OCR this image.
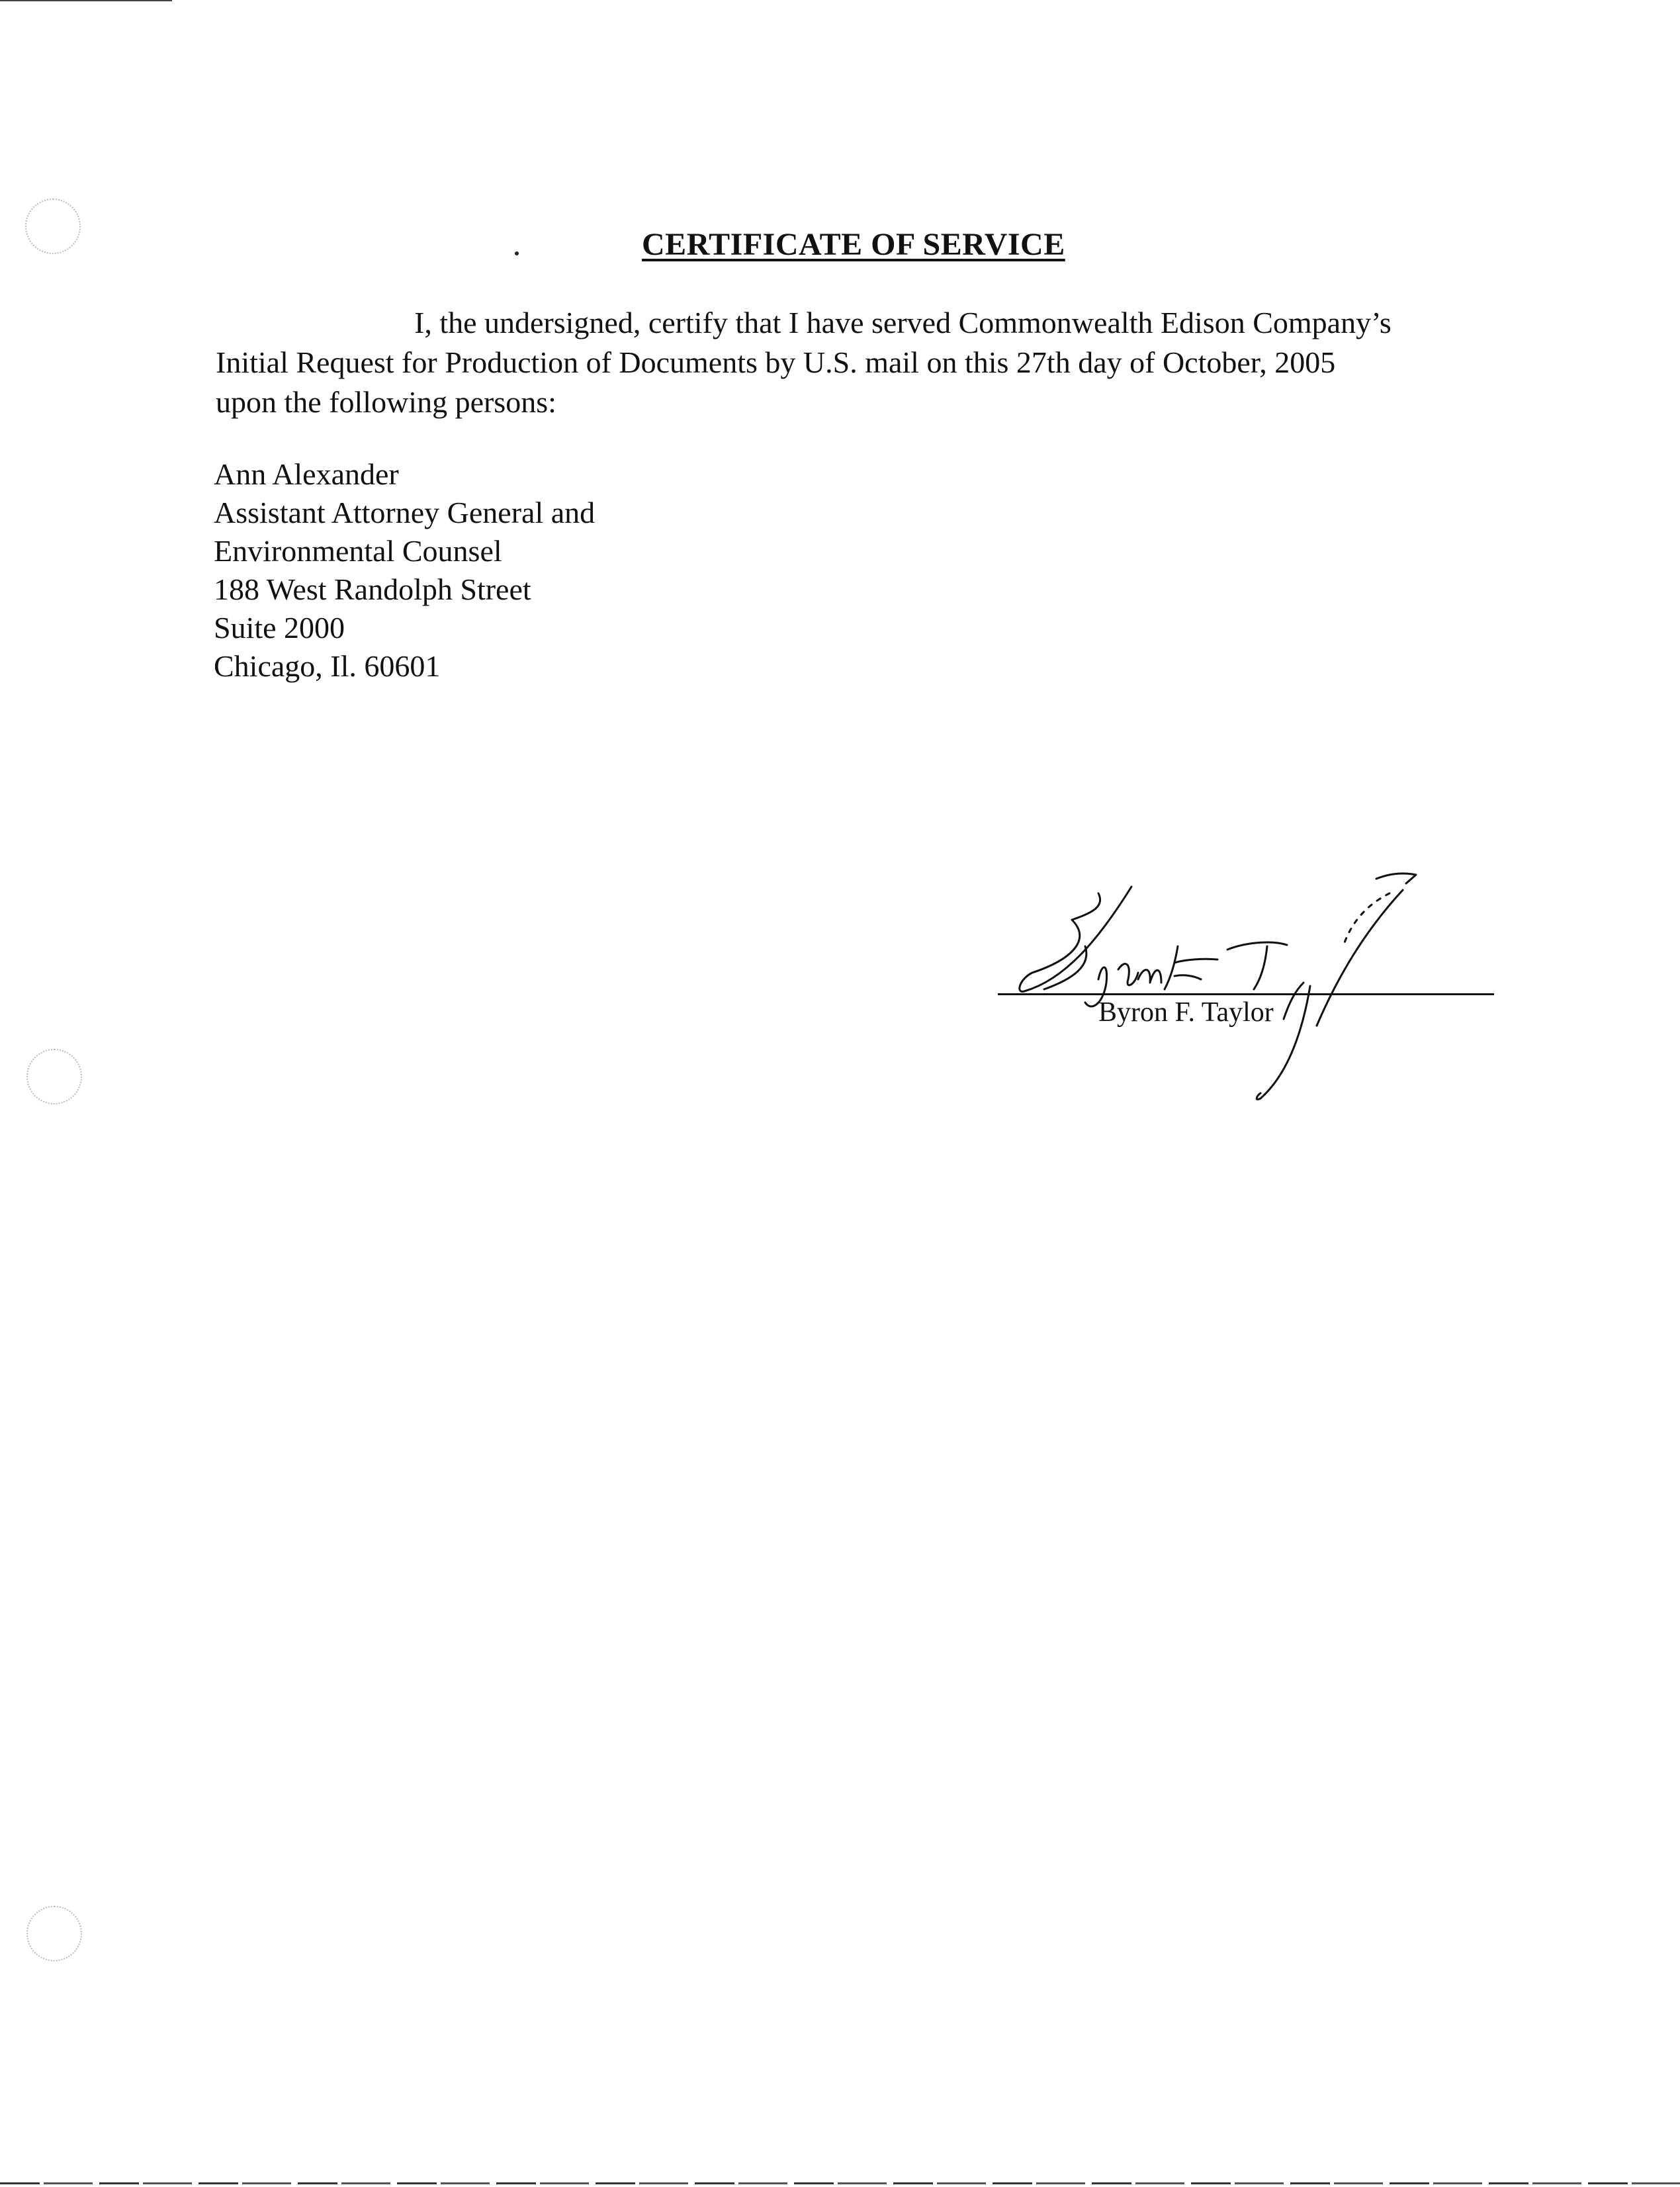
CERTIFICATE OF SERVICE
I, the undersigned, certify that I have served Commonwealth Edison Company’s
Initial Request for Production of Documents by U.S. mail on this 27th day of October, 2005
upon the following persons:
Ann Alexander
Assistant Attorney General and
Environmental Counsel
188 West Randolph Street
Suite 2000
Chicago, Il. 60601
Byron F. Taylor
